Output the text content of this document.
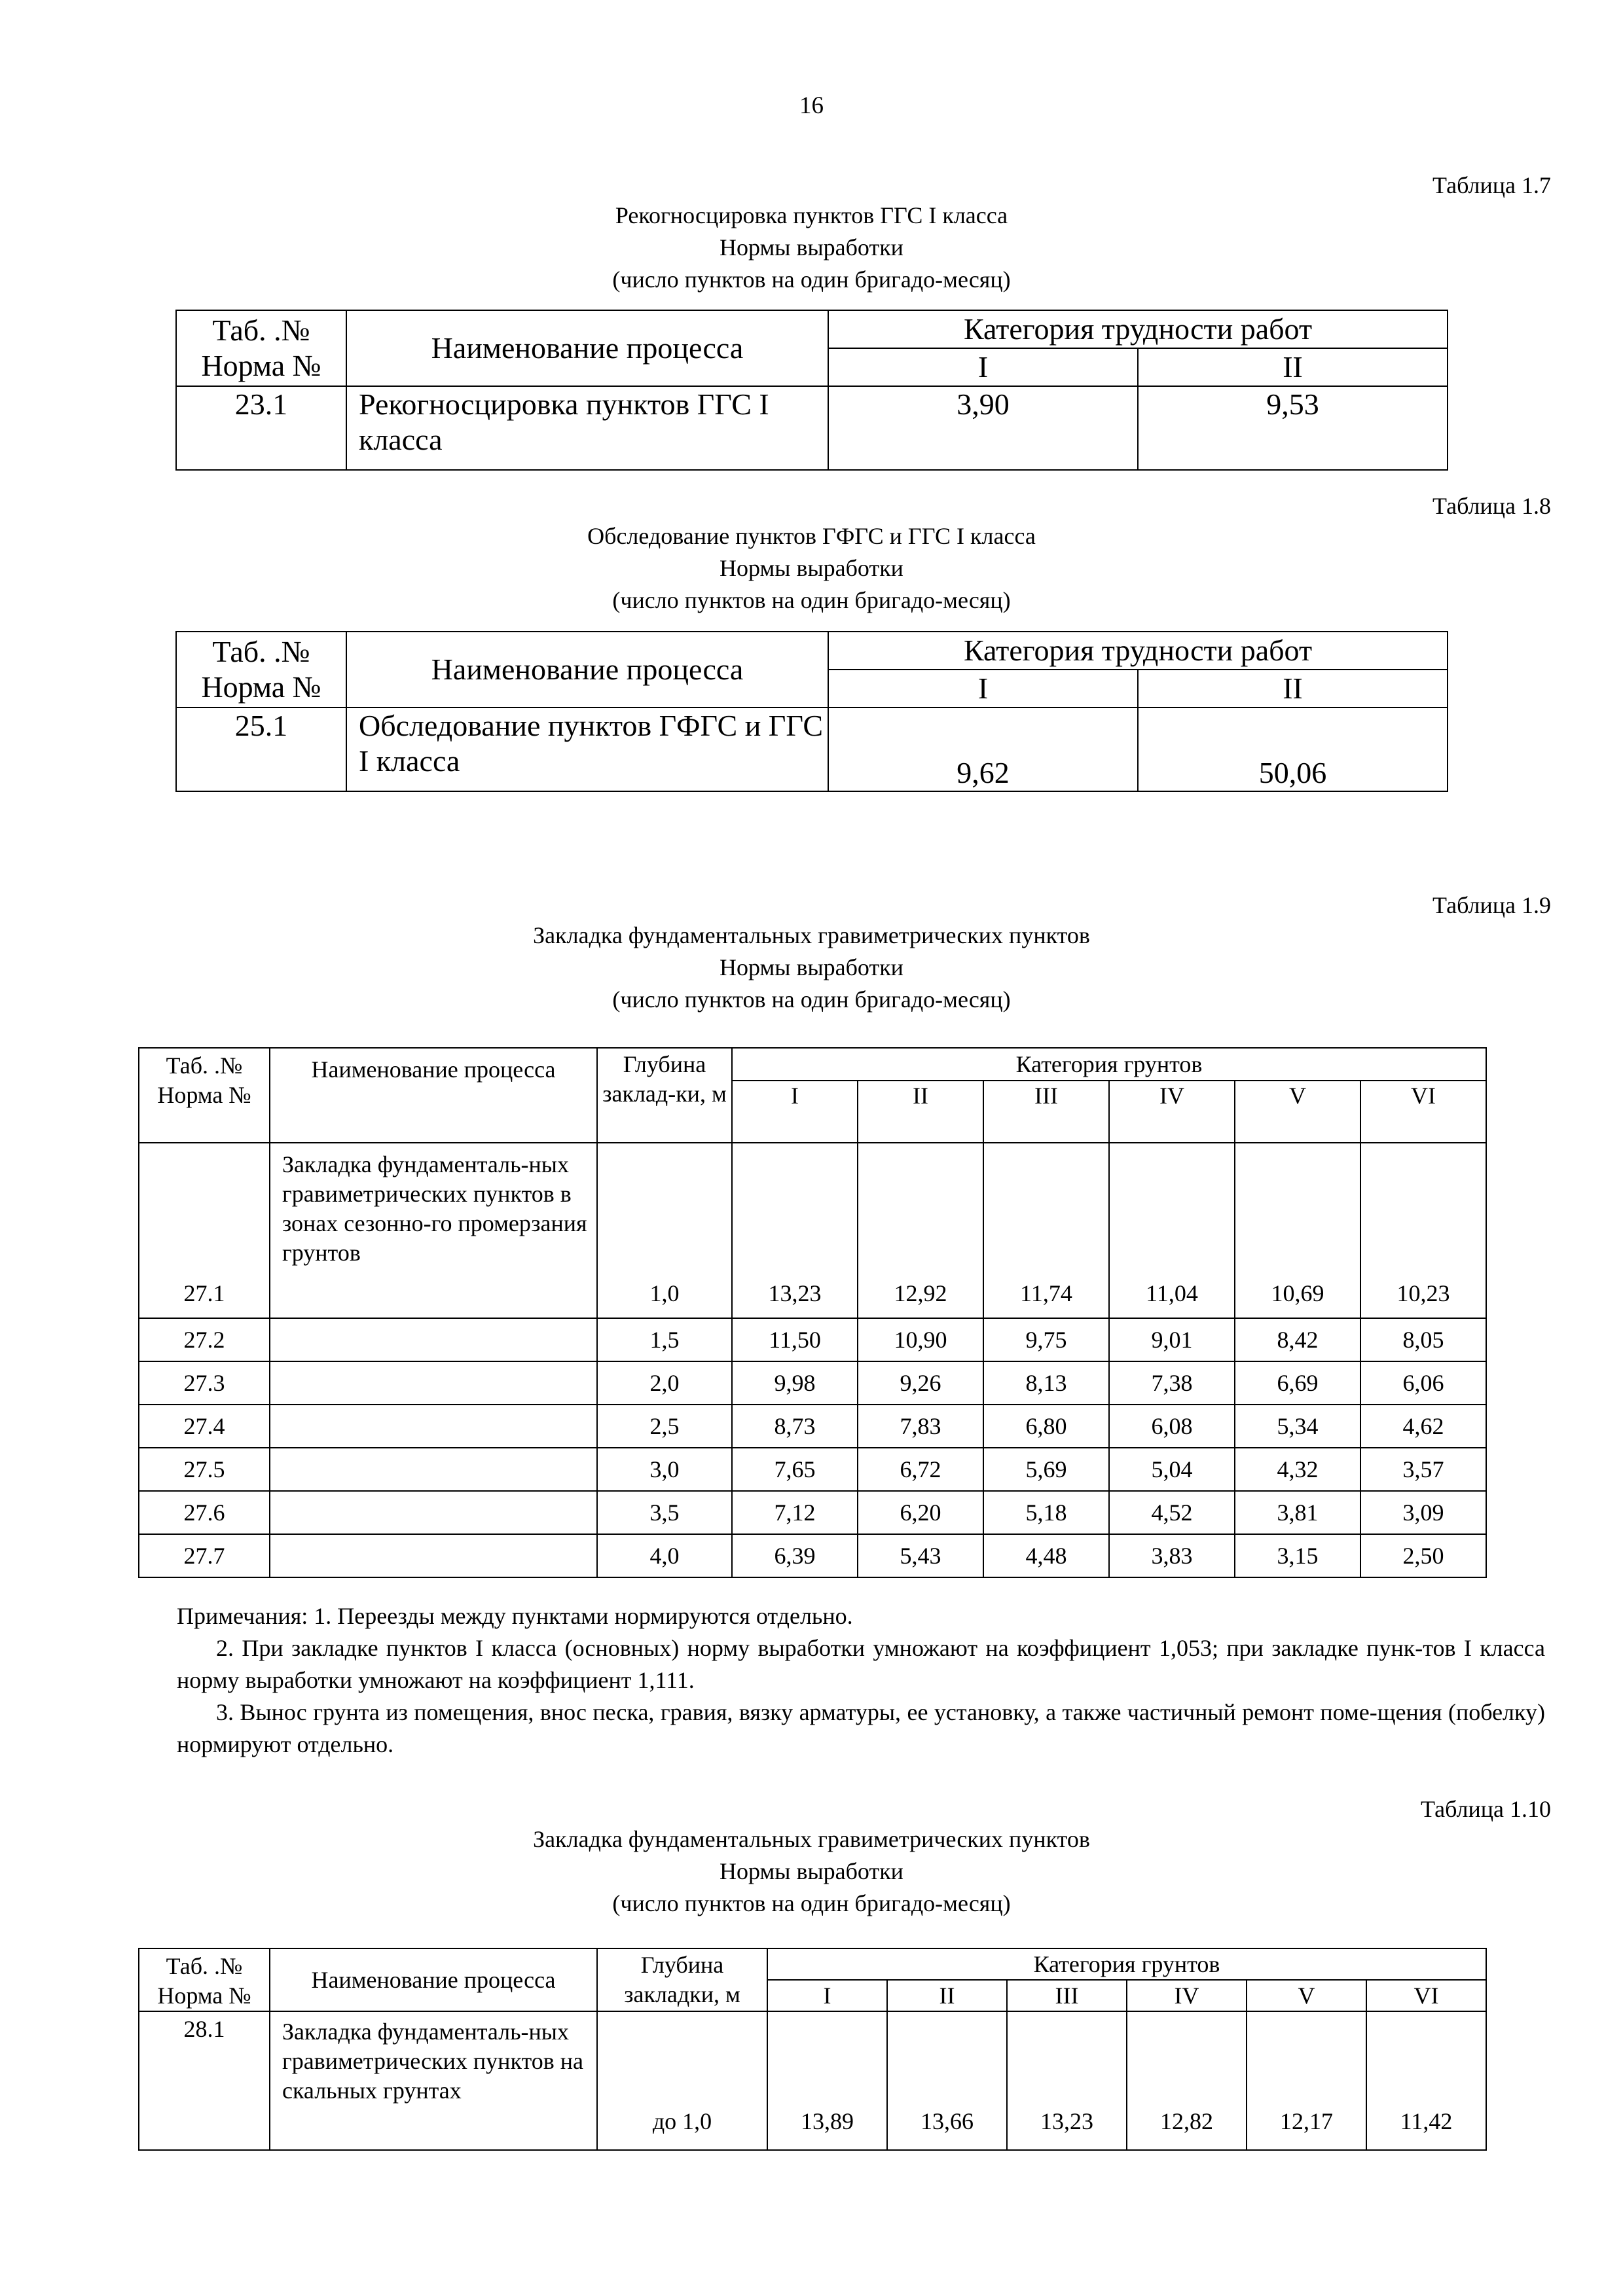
16
Таблица 1.7
Рекогносцировка пунктов ГГС I класса
Нормы выработки
(число пунктов на один бригадо-месяц)
Таб. .№
Норма №	Наименование процесса	Категория трудности работ	
		I	II
23.1	Рекогносцировка пунктов ГГС I класса	3,90	9,53
Таблица 1.8
Обследование пунктов ГФГС и ГГС I класса
Нормы выработки
(число пунктов на один бригадо-месяц)
Таб. .№
Норма №	Наименование процесса	Категория трудности работ	
		I	II
25.1	Обследование пунктов ГФГС и ГГС I класса	9,62	50,06
Таблица 1.9
Закладка фундаментальных гравиметрических пунктов
Нормы выработки
(число пунктов на один бригадо-месяц)
Таб. .№
Норма №	Наименование процесса	Глубина заклад-ки, м	Категория грунтов					
			I	II	III	IV	V	VI
27.1	Закладка фундаменталь-ных гравиметрических пунктов в зонах сезонно-го промерзания грунтов	1,0	13,23	12,92	11,74	11,04	10,69	10,23
27.2		1,5	11,50	10,90	9,75	9,01	8,42	8,05
27.3		2,0	9,98	9,26	8,13	7,38	6,69	6,06
27.4		2,5	8,73	7,83	6,80	6,08	5,34	4,62
27.5		3,0	7,65	6,72	5,69	5,04	4,32	3,57
27.6		3,5	7,12	6,20	5,18	4,52	3,81	3,09
27.7		4,0	6,39	5,43	4,48	3,83	3,15	2,50

Примечания: 1. Переезды между пунктами нормируются отдельно.

2. При закладке пунктов I класса (основных) норму выработки умножают на коэффициент 1,053; при закладке пунк-тов I класса норму выработки умножают на коэффициент 1,111.

3. Вынос грунта из помещения, внос песка, гравия, вязку арматуры, ее установку, а также частичный ремонт поме-щения (побелку) нормируют отдельно.

Таблица 1.10
Закладка фундаментальных гравиметрических пунктов
Нормы выработки
(число пунктов на один бригадо-месяц)
Таб. .№
Норма №	Наименование процесса	Глубина закладки, м	Категория грунтов					
			I	II	III	IV	V	VI
28.1	Закладка фундаменталь-ных гравиметрических пунктов на скальных грунтах	до 1,0	13,89	13,66	13,23	12,82	12,17	11,42
